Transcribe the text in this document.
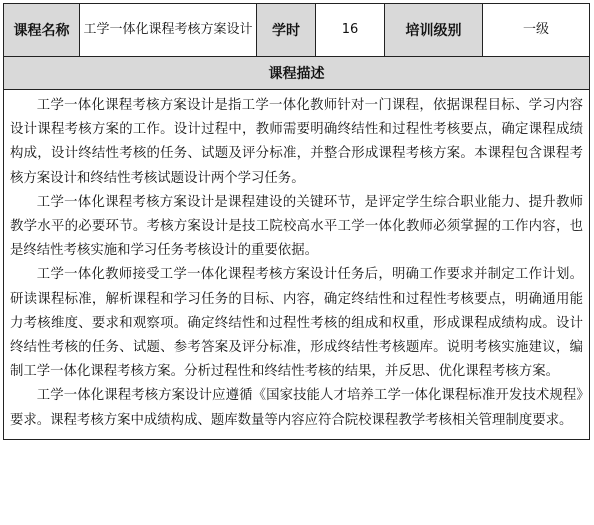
课程名称	工学一体化课程考核方案设计	学时	16	培训级别	一级
课程描述

工学一体化课程考核方案设计是指工学一体化教师针对一门课程，依据课程目标、学习内容设计课程考核方案的工作。设计过程中，教师需要明确终结性和过程性考核要点，确定课程成绩构成，设计终结性考核的任务、试题及评分标准，并整合形成课程考核方案。本课程包含课程考核方案设计和终结性考核试题设计两个学习任务。

工学一体化课程考核方案设计是课程建设的关键环节，是评定学生综合职业能力、提升教师教学水平的必要环节。考核方案设计是技工院校高水平工学一体化教师必须掌握的工作内容，也是终结性考核实施和学习任务考核设计的重要依据。

工学一体化教师接受工学一体化课程考核方案设计任务后，明确工作要求并制定工作计划。研读课程标准，解析课程和学习任务的目标、内容，确定终结性和过程性考核要点，明确通用能力考核维度、要求和观察项。确定终结性和过程性考核的组成和权重，形成课程成绩构成。设计终结性考核的任务、试题、参考答案及评分标准，形成终结性考核题库。说明考核实施建议，编制工学一体化课程考核方案。分析过程性和终结性考核的结果，并反思、优化课程考核方案。

工学一体化课程考核方案设计应遵循《国家技能人才培养工学一体化课程标准开发技术规程》要求。课程考核方案中成绩构成、题库数量等内容应符合院校课程教学考核相关管理制度要求。
